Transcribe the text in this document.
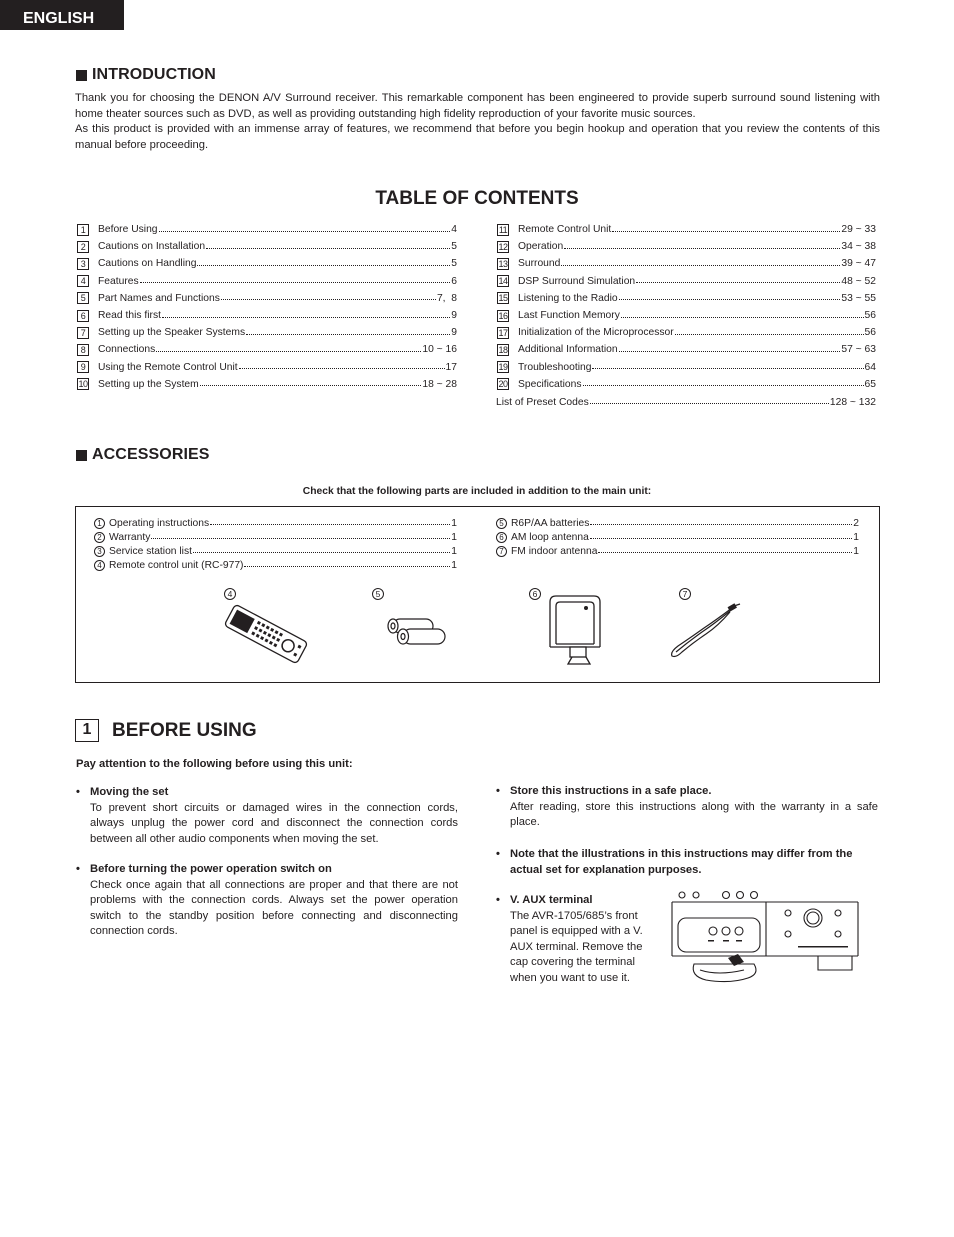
ENGLISH
INTRODUCTION

Thank you for choosing the DENON A/V Surround receiver. This remarkable component has been engineered to provide superb surround sound listening with home theater sources such as DVD, as well as providing outstanding high fidelity reproduction of your favorite music sources.

As this product is provided with an immense array of features, we recommend that before you begin hookup and operation that you review the contents of this manual before proceeding.

TABLE OF CONTENTS
1	Before Using	4
2	Cautions on Installation	5
3	Cautions on Handling	5
4	Features	6
5	Part Names and Functions	7,  8
6	Read this first	9
7	Setting up the Speaker Systems	9
8	Connections	10 ~ 16
9	Using the Remote Control Unit	17
10 Setting up the System	18 ~ 28
11 Remote Control Unit	29 ~ 33
12 Operation	34 ~ 38
13 Surround	39 ~ 47
14 DSP Surround Simulation	48 ~ 52
15 Listening to the Radio	53 ~ 55
16 Last Function Memory	56
17 Initialization of the Microprocessor	56
18 Additional Information	57 ~ 63
19 Troubleshooting	64
20 Specifications	65
List of Preset Codes	128 ~ 132
ACCESSORIES
Check that the following parts are included in addition to the main unit:
1 Operating instructions	1
2 Warranty	1
3 Service station list	1
4 Remote control unit (RC-977)	1
5 R6P/AA batteries	2
6 AM loop antenna	1
7 FM indoor antenna	1
4	5	6	7
1	BEFORE USING
Pay attention to the following before using this unit:
• Moving the set
To prevent short circuits or damaged wires in the connection cords, always unplug the power cord and disconnect the connection cords between all other audio components when moving the set.
• Before turning the power operation switch on
Check once again that all connections are proper and that there are not problems with the connection cords. Always set the power operation switch to the standby position before connecting and disconnecting connection cords.
• Store this instructions in a safe place.
After reading, store this instructions along with the warranty in a safe place.
• Note that the illustrations in this instructions may differ from the actual set for explanation purposes.
• V. AUX terminal
The AVR-1705/685’s front panel is equipped with a V. AUX terminal. Remove the cap covering the terminal when you want to use it.
